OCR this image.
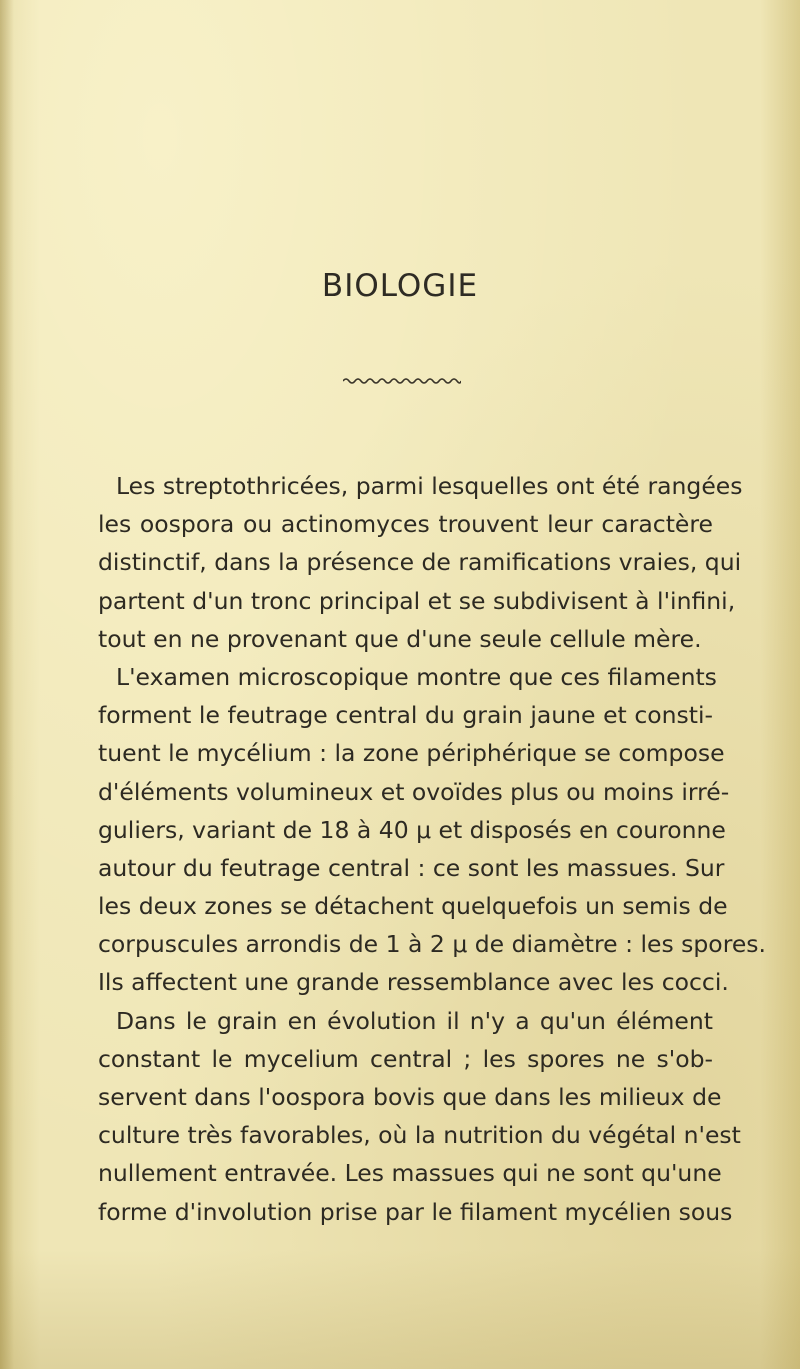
BIOLOGIE
Les streptothricées, parmi lesquelles ont été rangées
les oospora ou actinomyces trouvent leur caractère
distinctif, dans la présence de ramifications vraies, qui
partent d'un tronc principal et se subdivisent à l'infini,
tout en ne provenant que d'une seule cellule mère.
L'examen microscopique montre que ces filaments
forment le feutrage central du grain jaune et consti-
tuent le mycélium : la zone périphérique se compose
d'éléments volumineux et ovoïdes plus ou moins irré-
guliers, variant de 18 à 40 μ et disposés en couronne
autour du feutrage central : ce sont les massues. Sur
les deux zones se détachent quelquefois un semis de
corpuscules arrondis de 1 à 2 μ de diamètre : les spores.
Ils affectent une grande ressemblance avec les cocci.
Dans le grain en évolution il n'y a qu'un élément
constant le mycelium central ; les spores ne s'ob-
servent dans l'oospora bovis que dans les milieux de
culture très favorables, où la nutrition du végétal n'est
nullement entravée. Les massues qui ne sont qu'une
forme d'involution prise par le filament mycélien sous
